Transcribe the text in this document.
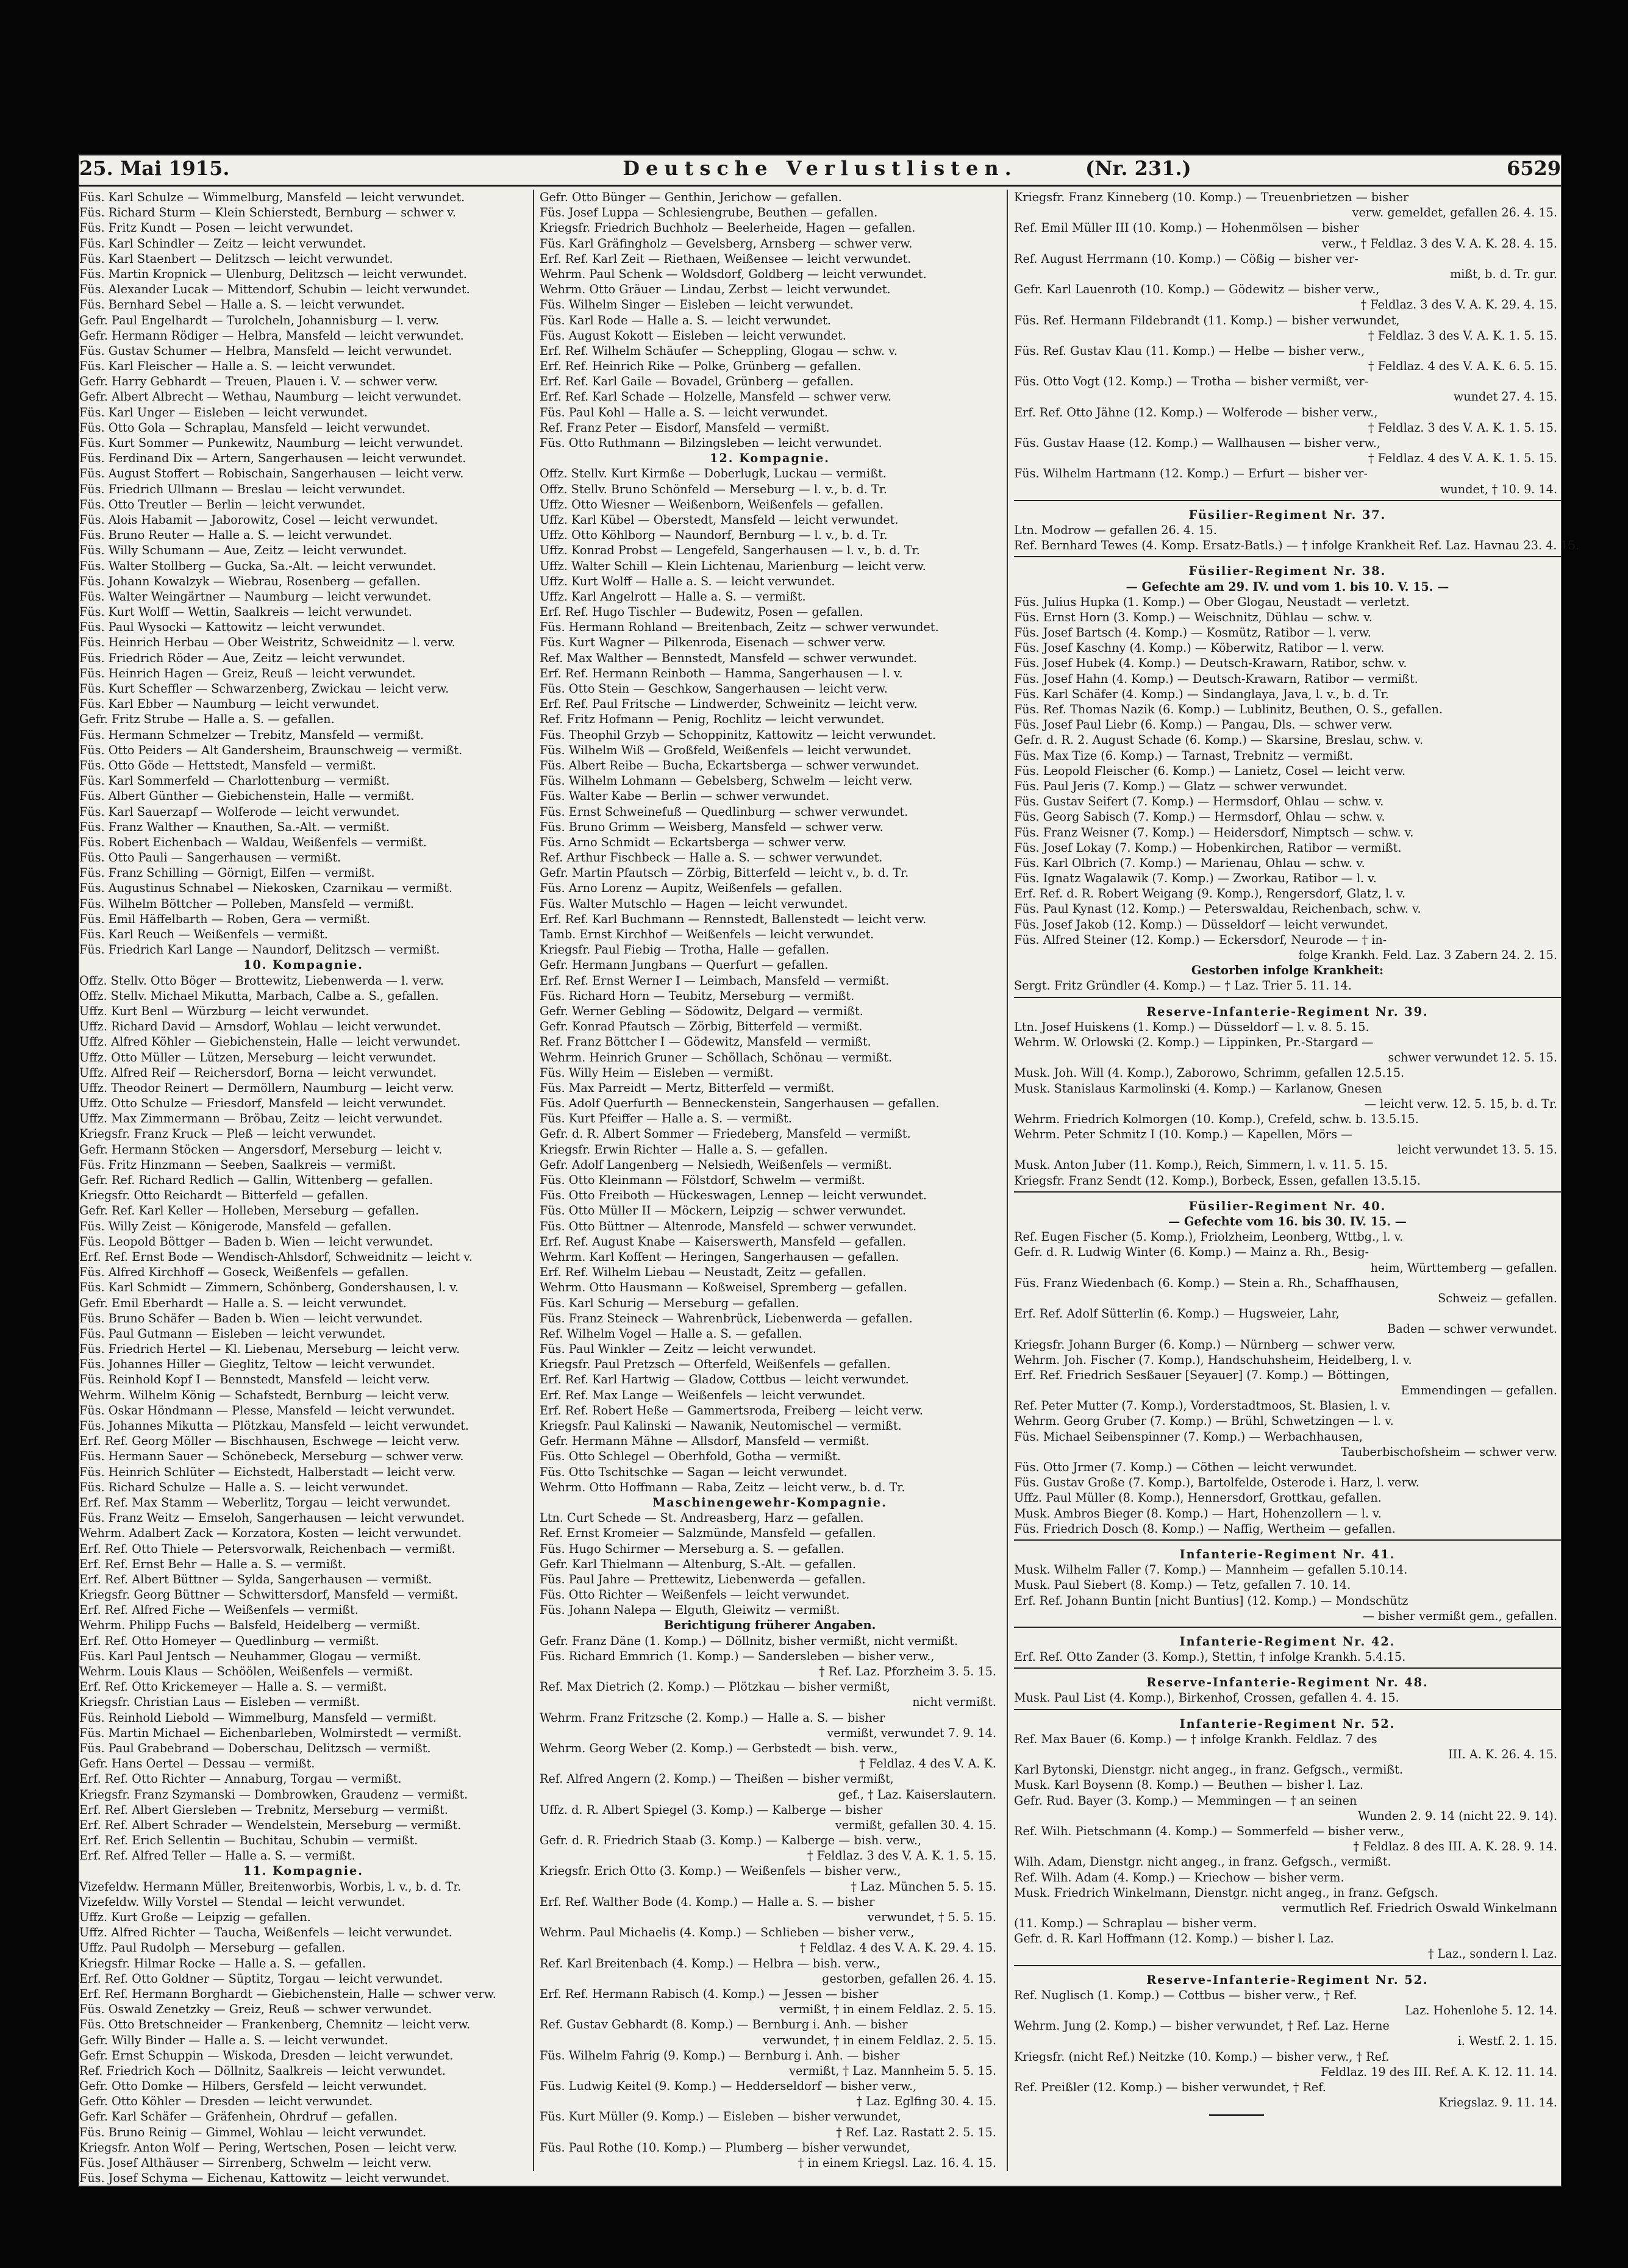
25. Mai 1915.	Deutsche Verlustlisten.	(Nr. 231.)	6529
Füs. Karl Schulze — Wimmelburg, Mansfeld — leicht verwundet.
Füs. Richard Sturm — Klein Schierstedt, Bernburg — schwer v.
Füs. Fritz Kundt — Posen — leicht verwundet.
Füs. Karl Schindler — Zeitz — leicht verwundet.
Füs. Karl Staenbert — Delitzsch — leicht verwundet.
Füs. Martin Kropnick — Ulenburg, Delitzsch — leicht verwundet.
Füs. Alexander Lucak — Mittendorf, Schubin — leicht verwundet.
Füs. Bernhard Sebel — Halle a. S. — leicht verwundet.
Gefr. Paul Engelhardt — Turolcheln, Johannisburg — l. verw.
Gefr. Hermann Rödiger — Helbra, Mansfeld — leicht verwundet.
Füs. Gustav Schumer — Helbra, Mansfeld — leicht verwundet.
Füs. Karl Fleischer — Halle a. S. — leicht verwundet.
Gefr. Harry Gebhardt — Treuen, Plauen i. V. — schwer verw.
Gefr. Albert Albrecht — Wethau, Naumburg — leicht verwundet.
Füs. Karl Unger — Eisleben — leicht verwundet.
Füs. Otto Gola — Schraplau, Mansfeld — leicht verwundet.
Füs. Kurt Sommer — Punkewitz, Naumburg — leicht verwundet.
Füs. Ferdinand Dix — Artern, Sangerhausen — leicht verwundet.
Füs. August Stoffert — Robischain, Sangerhausen — leicht verw.
Füs. Friedrich Ullmann — Breslau — leicht verwundet.
Füs. Otto Treutler — Berlin — leicht verwundet.
Füs. Alois Habamit — Jaborowitz, Cosel — leicht verwundet.
Füs. Bruno Reuter — Halle a. S. — leicht verwundet.
Füs. Willy Schumann — Aue, Zeitz — leicht verwundet.
Füs. Walter Stollberg — Gucka, Sa.-Alt. — leicht verwundet.
Füs. Johann Kowalzyk — Wiebrau, Rosenberg — gefallen.
Füs. Walter Weingärtner — Naumburg — leicht verwundet.
Füs. Kurt Wolff — Wettin, Saalkreis — leicht verwundet.
Füs. Paul Wysocki — Kattowitz — leicht verwundet.
Füs. Heinrich Herbau — Ober Weistritz, Schweidnitz — l. verw.
Füs. Friedrich Röder — Aue, Zeitz — leicht verwundet.
Füs. Heinrich Hagen — Greiz, Reuß — leicht verwundet.
Füs. Kurt Scheffler — Schwarzenberg, Zwickau — leicht verw.
Füs. Karl Ebber — Naumburg — leicht verwundet.
Gefr. Fritz Strube — Halle a. S. — gefallen.
Füs. Hermann Schmelzer — Trebitz, Mansfeld — vermißt.
Füs. Otto Peiders — Alt Gandersheim, Braunschweig — vermißt.
Füs. Otto Göde — Hettstedt, Mansfeld — vermißt.
Füs. Karl Sommerfeld — Charlottenburg — vermißt.
Füs. Albert Günther — Giebichenstein, Halle — vermißt.
Füs. Karl Sauerzapf — Wolferode — leicht verwundet.
Füs. Franz Walther — Knauthen, Sa.-Alt. — vermißt.
Füs. Robert Eichenbach — Waldau, Weißenfels — vermißt.
Füs. Otto Pauli — Sangerhausen — vermißt.
Füs. Franz Schilling — Görnigt, Eilfen — vermißt.
Füs. Augustinus Schnabel — Niekosken, Czarnikau — vermißt.
Füs. Wilhelm Böttcher — Polleben, Mansfeld — vermißt.
Füs. Emil Häffelbarth — Roben, Gera — vermißt.
Füs. Karl Reuch — Weißenfels — vermißt.
Füs. Friedrich Karl Lange — Naundorf, Delitzsch — vermißt.
10. Kompagnie.
Offz. Stellv. Otto Böger — Brottewitz, Liebenwerda — l. verw.
Offz. Stellv. Michael Mikutta, Marbach, Calbe a. S., gefallen.
Uffz. Kurt Benl — Würzburg — leicht verwundet.
Uffz. Richard David — Arnsdorf, Wohlau — leicht verwundet.
Uffz. Alfred Köhler — Giebichenstein, Halle — leicht verwundet.
Uffz. Otto Müller — Lützen, Merseburg — leicht verwundet.
Uffz. Alfred Reif — Reichersdorf, Borna — leicht verwundet.
Uffz. Theodor Reinert — Dermöllern, Naumburg — leicht verw.
Uffz. Otto Schulze — Friesdorf, Mansfeld — leicht verwundet.
Uffz. Max Zimmermann — Bröbau, Zeitz — leicht verwundet.
Kriegsfr. Franz Kruck — Pleß — leicht verwundet.
Gefr. Hermann Stöcken — Angersdorf, Merseburg — leicht v.
Füs. Fritz Hinzmann — Seeben, Saalkreis — vermißt.
Gefr. Ref. Richard Redlich — Gallin, Wittenberg — gefallen.
Kriegsfr. Otto Reichardt — Bitterfeld — gefallen.
Gefr. Ref. Karl Keller — Holleben, Merseburg — gefallen.
Füs. Willy Zeist — Königerode, Mansfeld — gefallen.
Füs. Leopold Böttger — Baden b. Wien — leicht verwundet.
Erf. Ref. Ernst Bode — Wendisch-Ahlsdorf, Schweidnitz — leicht v.
Füs. Alfred Kirchhoff — Goseck, Weißenfels — gefallen.
Füs. Karl Schmidt — Zimmern, Schönberg, Gondershausen, l. v.
Gefr. Emil Eberhardt — Halle a. S. — leicht verwundet.
Füs. Bruno Schäfer — Baden b. Wien — leicht verwundet.
Füs. Paul Gutmann — Eisleben — leicht verwundet.
Füs. Friedrich Hertel — Kl. Liebenau, Merseburg — leicht verw.
Füs. Johannes Hiller — Gieglitz, Teltow — leicht verwundet.
Füs. Reinhold Kopf I — Bennstedt, Mansfeld — leicht verw.
Wehrm. Wilhelm König — Schafstedt, Bernburg — leicht verw.
Füs. Oskar Höndmann — Plesse, Mansfeld — leicht verwundet.
Füs. Johannes Mikutta — Plötzkau, Mansfeld — leicht verwundet.
Erf. Ref. Georg Möller — Bischhausen, Eschwege — leicht verw.
Füs. Hermann Sauer — Schönebeck, Merseburg — schwer verw.
Füs. Heinrich Schlüter — Eichstedt, Halberstadt — leicht verw.
Füs. Richard Schulze — Halle a. S. — leicht verwundet.
Erf. Ref. Max Stamm — Weberlitz, Torgau — leicht verwundet.
Füs. Franz Weitz — Emseloh, Sangerhausen — leicht verwundet.
Wehrm. Adalbert Zack — Korzatora, Kosten — leicht verwundet.
Erf. Ref. Otto Thiele — Petersvorwalk, Reichenbach — vermißt.
Erf. Ref. Ernst Behr — Halle a. S. — vermißt.
Erf. Ref. Albert Büttner — Sylda, Sangerhausen — vermißt.
Kriegsfr. Georg Büttner — Schwittersdorf, Mansfeld — vermißt.
Erf. Ref. Alfred Fiche — Weißenfels — vermißt.
Wehrm. Philipp Fuchs — Balsfeld, Heidelberg — vermißt.
Erf. Ref. Otto Homeyer — Quedlinburg — vermißt.
Füs. Karl Paul Jentsch — Neuhammer, Glogau — vermißt.
Wehrm. Louis Klaus — Schöölen, Weißenfels — vermißt.
Erf. Ref. Otto Krickemeyer — Halle a. S. — vermißt.
Kriegsfr. Christian Laus — Eisleben — vermißt.
Füs. Reinhold Liebold — Wimmelburg, Mansfeld — vermißt.
Füs. Martin Michael — Eichenbarleben, Wolmirstedt — vermißt.
Füs. Paul Grabebrand — Doberschau, Delitzsch — vermißt.
Gefr. Hans Oertel — Dessau — vermißt.
Erf. Ref. Otto Richter — Annaburg, Torgau — vermißt.
Kriegsfr. Franz Szymanski — Dombrowken, Graudenz — vermißt.
Erf. Ref. Albert Giersleben — Trebnitz, Merseburg — vermißt.
Erf. Ref. Albert Schrader — Wendelstein, Merseburg — vermißt.
Erf. Ref. Erich Sellentin — Buchitau, Schubin — vermißt.
Erf. Ref. Alfred Teller — Halle a. S. — vermißt.
11. Kompagnie.
Vizefeldw. Hermann Müller, Breitenworbis, Worbis, l. v., b. d. Tr.
Vizefeldw. Willy Vorstel — Stendal — leicht verwundet.
Uffz. Kurt Große — Leipzig — gefallen.
Uffz. Alfred Richter — Taucha, Weißenfels — leicht verwundet.
Uffz. Paul Rudolph — Merseburg — gefallen.
Kriegsfr. Hilmar Rocke — Halle a. S. — gefallen.
Erf. Ref. Otto Goldner — Süptitz, Torgau — leicht verwundet.
Erf. Ref. Hermann Borghardt — Giebichenstein, Halle — schwer verw.
Füs. Oswald Zenetzky — Greiz, Reuß — schwer verwundet.
Füs. Otto Bretschneider — Frankenberg, Chemnitz — leicht verw.
Gefr. Willy Binder — Halle a. S. — leicht verwundet.
Gefr. Ernst Schuppin — Wiskoda, Dresden — leicht verwundet.
Ref. Friedrich Koch — Döllnitz, Saalkreis — leicht verwundet.
Gefr. Otto Domke — Hilbers, Gersfeld — leicht verwundet.
Gefr. Otto Köhler — Dresden — leicht verwundet.
Gefr. Karl Schäfer — Gräfenhein, Ohrdruf — gefallen.
Füs. Bruno Reinig — Gimmel, Wohlau — leicht verwundet.
Kriegsfr. Anton Wolf — Pering, Wertschen, Posen — leicht verw.
Füs. Josef Althäuser — Sirrenberg, Schwelm — leicht verw.
Füs. Josef Schyma — Eichenau, Kattowitz — leicht verwundet.
Gefr. Otto Bünger — Genthin, Jerichow — gefallen.
Füs. Josef Luppa — Schlesiengrube, Beuthen — gefallen.
Kriegsfr. Friedrich Buchholz — Beelerheide, Hagen — gefallen.
Füs. Karl Gräfingholz — Gevelsberg, Arnsberg — schwer verw.
Erf. Ref. Karl Zeit — Riethaen, Weißensee — leicht verwundet.
Wehrm. Paul Schenk — Woldsdorf, Goldberg — leicht verwundet.
Wehrm. Otto Gräuer — Lindau, Zerbst — leicht verwundet.
Füs. Wilhelm Singer — Eisleben — leicht verwundet.
Füs. Karl Rode — Halle a. S. — leicht verwundet.
Füs. August Kokott — Eisleben — leicht verwundet.
Erf. Ref. Wilhelm Schäufer — Scheppling, Glogau — schw. v.
Erf. Ref. Heinrich Rike — Polke, Grünberg — gefallen.
Erf. Ref. Karl Gaile — Bovadel, Grünberg — gefallen.
Erf. Ref. Karl Schade — Holzelle, Mansfeld — schwer verw.
Füs. Paul Kohl — Halle a. S. — leicht verwundet.
Ref. Franz Peter — Eisdorf, Mansfeld — vermißt.
Füs. Otto Ruthmann — Bilzingsleben — leicht verwundet.
12. Kompagnie.
Offz. Stellv. Kurt Kirmße — Doberlugk, Luckau — vermißt.
Offz. Stellv. Bruno Schönfeld — Merseburg — l. v., b. d. Tr.
Uffz. Otto Wiesner — Weißenborn, Weißenfels — gefallen.
Uffz. Karl Kübel — Oberstedt, Mansfeld — leicht verwundet.
Uffz. Otto Köhlborg — Naundorf, Bernburg — l. v., b. d. Tr.
Uffz. Konrad Probst — Lengefeld, Sangerhausen — l. v., b. d. Tr.
Uffz. Walter Schill — Klein Lichtenau, Marienburg — leicht verw.
Uffz. Kurt Wolff — Halle a. S. — leicht verwundet.
Uffz. Karl Angelrott — Halle a. S. — vermißt.
Erf. Ref. Hugo Tischler — Budewitz, Posen — gefallen.
Füs. Hermann Rohland — Breitenbach, Zeitz — schwer verwundet.
Füs. Kurt Wagner — Pilkenroda, Eisenach — schwer verw.
Ref. Max Walther — Bennstedt, Mansfeld — schwer verwundet.
Erf. Ref. Hermann Reinboth — Hamma, Sangerhausen — l. v.
Füs. Otto Stein — Geschkow, Sangerhausen — leicht verw.
Erf. Ref. Paul Fritsche — Lindwerder, Schweinitz — leicht verw.
Ref. Fritz Hofmann — Penig, Rochlitz — leicht verwundet.
Füs. Theophil Grzyb — Schoppinitz, Kattowitz — leicht verwundet.
Füs. Wilhelm Wiß — Großfeld, Weißenfels — leicht verwundet.
Füs. Albert Reibe — Bucha, Eckartsberga — schwer verwundet.
Füs. Wilhelm Lohmann — Gebelsberg, Schwelm — leicht verw.
Füs. Walter Kabe — Berlin — schwer verwundet.
Füs. Ernst Schweinefuß — Quedlinburg — schwer verwundet.
Füs. Bruno Grimm — Weisberg, Mansfeld — schwer verw.
Füs. Arno Schmidt — Eckartsberga — schwer verw.
Ref. Arthur Fischbeck — Halle a. S. — schwer verwundet.
Gefr. Martin Pfautsch — Zörbig, Bitterfeld — leicht v., b. d. Tr.
Füs. Arno Lorenz — Aupitz, Weißenfels — gefallen.
Füs. Walter Mutschlo — Hagen — leicht verwundet.
Erf. Ref. Karl Buchmann — Rennstedt, Ballenstedt — leicht verw.
Tamb. Ernst Kirchhof — Weißenfels — leicht verwundet.
Kriegsfr. Paul Fiebig — Trotha, Halle — gefallen.
Gefr. Hermann Jungbans — Querfurt — gefallen.
Erf. Ref. Ernst Werner I — Leimbach, Mansfeld — vermißt.
Füs. Richard Horn — Teubitz, Merseburg — vermißt.
Gefr. Werner Gebling — Södowitz, Delgard — vermißt.
Gefr. Konrad Pfautsch — Zörbig, Bitterfeld — vermißt.
Ref. Franz Böttcher I — Gödewitz, Mansfeld — vermißt.
Wehrm. Heinrich Gruner — Schöllach, Schönau — vermißt.
Füs. Willy Heim — Eisleben — vermißt.
Füs. Max Parreidt — Mertz, Bitterfeld — vermißt.
Füs. Adolf Querfurth — Benneckenstein, Sangerhausen — gefallen.
Füs. Kurt Pfeiffer — Halle a. S. — vermißt.
Gefr. d. R. Albert Sommer — Friedeberg, Mansfeld — vermißt.
Kriegsfr. Erwin Richter — Halle a. S. — gefallen.
Gefr. Adolf Langenberg — Nelsiedh, Weißenfels — vermißt.
Füs. Otto Kleinmann — Fölstdorf, Schwelm — vermißt.
Füs. Otto Freiboth — Hückeswagen, Lennep — leicht verwundet.
Füs. Otto Müller II — Möckern, Leipzig — schwer verwundet.
Füs. Otto Büttner — Altenrode, Mansfeld — schwer verwundet.
Erf. Ref. August Knabe — Kaiserswerth, Mansfeld — gefallen.
Wehrm. Karl Koffent — Heringen, Sangerhausen — gefallen.
Erf. Ref. Wilhelm Liebau — Neustadt, Zeitz — gefallen.
Wehrm. Otto Hausmann — Koßweisel, Spremberg — gefallen.
Füs. Karl Schurig — Merseburg — gefallen.
Füs. Franz Steineck — Wahrenbrück, Liebenwerda — gefallen.
Ref. Wilhelm Vogel — Halle a. S. — gefallen.
Füs. Paul Winkler — Zeitz — leicht verwundet.
Kriegsfr. Paul Pretzsch — Ofterfeld, Weißenfels — gefallen.
Erf. Ref. Karl Hartwig — Gladow, Cottbus — leicht verwundet.
Erf. Ref. Max Lange — Weißenfels — leicht verwundet.
Erf. Ref. Robert Heße — Gammertsroda, Freiberg — leicht verw.
Kriegsfr. Paul Kalinski — Nawanik, Neutomischel — vermißt.
Gefr. Hermann Mähne — Allsdorf, Mansfeld — vermißt.
Füs. Otto Schlegel — Oberhfold, Gotha — vermißt.
Füs. Otto Tschitschke — Sagan — leicht verwundet.
Wehrm. Otto Hoffmann — Raba, Zeitz — leicht verw., b. d. Tr.
Maschinengewehr-Kompagnie.
Ltn. Curt Schede — St. Andreasberg, Harz — gefallen.
Ref. Ernst Kromeier — Salzmünde, Mansfeld — gefallen.
Füs. Hugo Schirmer — Merseburg a. S. — gefallen.
Gefr. Karl Thielmann — Altenburg, S.-Alt. — gefallen.
Füs. Paul Jahre — Prettewitz, Liebenwerda — gefallen.
Füs. Otto Richter — Weißenfels — leicht verwundet.
Füs. Johann Nalepa — Elguth, Gleiwitz — vermißt.
Berichtigung früherer Angaben.
Gefr. Franz Däne (1. Komp.) — Döllnitz, bisher vermißt, nicht vermißt.
Füs. Richard Emmrich (1. Komp.) — Sandersleben — bisher verw.,
† Ref. Laz. Pforzheim 3. 5. 15.
Ref. Max Dietrich (2. Komp.) — Plötzkau — bisher vermißt,
nicht vermißt.
Wehrm. Franz Fritzsche (2. Komp.) — Halle a. S. — bisher
vermißt, verwundet 7. 9. 14.
Wehrm. Georg Weber (2. Komp.) — Gerbstedt — bish. verw.,
† Feldlaz. 4 des V. A. K.
Ref. Alfred Angern (2. Komp.) — Theißen — bisher vermißt,
gef., † Laz. Kaiserslautern.
Uffz. d. R. Albert Spiegel (3. Komp.) — Kalberge — bisher
vermißt, gefallen 30. 4. 15.
Gefr. d. R. Friedrich Staab (3. Komp.) — Kalberge — bish. verw.,
† Feldlaz. 3 des V. A. K. 1. 5. 15.
Kriegsfr. Erich Otto (3. Komp.) — Weißenfels — bisher verw.,
† Laz. München 5. 5. 15.
Erf. Ref. Walther Bode (4. Komp.) — Halle a. S. — bisher
verwundet, † 5. 5. 15.
Wehrm. Paul Michaelis (4. Komp.) — Schlieben — bisher verw.,
† Feldlaz. 4 des V. A. K. 29. 4. 15.
Ref. Karl Breitenbach (4. Komp.) — Helbra — bish. verw.,
gestorben, gefallen 26. 4. 15.
Erf. Ref. Hermann Rabisch (4. Komp.) — Jessen — bisher
vermißt, † in einem Feldlaz. 2. 5. 15.
Ref. Gustav Gebhardt (8. Komp.) — Bernburg i. Anh. — bisher
verwundet, † in einem Feldlaz. 2. 5. 15.
Füs. Wilhelm Fahrig (9. Komp.) — Bernburg i. Anh. — bisher
vermißt, † Laz. Mannheim 5. 5. 15.
Füs. Ludwig Keitel (9. Komp.) — Hedderseldorf — bisher verw.,
† Laz. Eglfing 30. 4. 15.
Füs. Kurt Müller (9. Komp.) — Eisleben — bisher verwundet,
† Ref. Laz. Rastatt 2. 5. 15.
Füs. Paul Rothe (10. Komp.) — Plumberg — bisher verwundet,
† in einem Kriegsl. Laz. 16. 4. 15.
Kriegsfr. Franz Kinneberg (10. Komp.) — Treuenbrietzen — bisher
verw. gemeldet, gefallen 26. 4. 15.
Ref. Emil Müller III (10. Komp.) — Hohenmölsen — bisher
verw., † Feldlaz. 3 des V. A. K. 28. 4. 15.
Ref. August Herrmann (10. Komp.) — Cößig — bisher ver-
mißt, b. d. Tr. gur.
Gefr. Karl Lauenroth (10. Komp.) — Gödewitz — bisher verw.,
† Feldlaz. 3 des V. A. K. 29. 4. 15.
Füs. Ref. Hermann Fildebrandt (11. Komp.) — bisher verwundet,
† Feldlaz. 3 des V. A. K. 1. 5. 15.
Füs. Ref. Gustav Klau (11. Komp.) — Helbe — bisher verw.,
† Feldlaz. 4 des V. A. K. 6. 5. 15.
Füs. Otto Vogt (12. Komp.) — Trotha — bisher vermißt, ver-
wundet 27. 4. 15.
Erf. Ref. Otto Jähne (12. Komp.) — Wolferode — bisher verw.,
† Feldlaz. 3 des V. A. K. 1. 5. 15.
Füs. Gustav Haase (12. Komp.) — Wallhausen — bisher verw.,
† Feldlaz. 4 des V. A. K. 1. 5. 15.
Füs. Wilhelm Hartmann (12. Komp.) — Erfurt — bisher ver-
wundet, † 10. 9. 14.
Füsilier-Regiment Nr. 37.
Ltn. Modrow — gefallen 26. 4. 15.
Ref. Bernhard Tewes (4. Komp. Ersatz-Batls.) — † infolge Krankheit Ref. Laz. Havnau 23. 4. 15.
Füsilier-Regiment Nr. 38.
— Gefechte am 29. IV. und vom 1. bis 10. V. 15. —
Füs. Julius Hupka (1. Komp.) — Ober Glogau, Neustadt — verletzt.
Füs. Ernst Horn (3. Komp.) — Weischnitz, Dühlau — schw. v.
Füs. Josef Bartsch (4. Komp.) — Kosmütz, Ratibor — l. verw.
Füs. Josef Kaschny (4. Komp.) — Köberwitz, Ratibor — l. verw.
Füs. Josef Hubek (4. Komp.) — Deutsch-Krawarn, Ratibor, schw. v.
Füs. Josef Hahn (4. Komp.) — Deutsch-Krawarn, Ratibor — vermißt.
Füs. Karl Schäfer (4. Komp.) — Sindanglaya, Java, l. v., b. d. Tr.
Füs. Ref. Thomas Nazik (6. Komp.) — Lublinitz, Beuthen, O. S., gefallen.
Füs. Josef Paul Liebr (6. Komp.) — Pangau, Dls. — schwer verw.
Gefr. d. R. 2. August Schade (6. Komp.) — Skarsine, Breslau, schw. v.
Füs. Max Tize (6. Komp.) — Tarnast, Trebnitz — vermißt.
Füs. Leopold Fleischer (6. Komp.) — Lanietz, Cosel — leicht verw.
Füs. Paul Jeris (7. Komp.) — Glatz — schwer verwundet.
Füs. Gustav Seifert (7. Komp.) — Hermsdorf, Ohlau — schw. v.
Füs. Georg Sabisch (7. Komp.) — Hermsdorf, Ohlau — schw. v.
Füs. Franz Weisner (7. Komp.) — Heidersdorf, Nimptsch — schw. v.
Füs. Josef Lokay (7. Komp.) — Hobenkirchen, Ratibor — vermißt.
Füs. Karl Olbrich (7. Komp.) — Marienau, Ohlau — schw. v.
Füs. Ignatz Wagalawik (7. Komp.) — Zworkau, Ratibor — l. v.
Erf. Ref. d. R. Robert Weigang (9. Komp.), Rengersdorf, Glatz, l. v.
Füs. Paul Kynast (12. Komp.) — Peterswaldau, Reichenbach, schw. v.
Füs. Josef Jakob (12. Komp.) — Düsseldorf — leicht verwundet.
Füs. Alfred Steiner (12. Komp.) — Eckersdorf, Neurode — † in-
folge Krankh. Feld. Laz. 3 Zabern 24. 2. 15.
Gestorben infolge Krankheit:
Sergt. Fritz Gründler (4. Komp.) — † Laz. Trier 5. 11. 14.
Reserve-Infanterie-Regiment Nr. 39.
Ltn. Josef Huiskens (1. Komp.) — Düsseldorf — l. v. 8. 5. 15.
Wehrm. W. Orlowski (2. Komp.) — Lippinken, Pr.-Stargard —
schwer verwundet 12. 5. 15.
Musk. Joh. Will (4. Komp.), Zaborowo, Schrimm, gefallen 12.5.15.
Musk. Stanislaus Karmolinski (4. Komp.) — Karlanow, Gnesen
— leicht verw. 12. 5. 15, b. d. Tr.
Wehrm. Friedrich Kolmorgen (10. Komp.), Crefeld, schw. b. 13.5.15.
Wehrm. Peter Schmitz I (10. Komp.) — Kapellen, Mörs —
leicht verwundet 13. 5. 15.
Musk. Anton Juber (11. Komp.), Reich, Simmern, l. v. 11. 5. 15.
Kriegsfr. Franz Sendt (12. Komp.), Borbeck, Essen, gefallen 13.5.15.
Füsilier-Regiment Nr. 40.
— Gefechte vom 16. bis 30. IV. 15. —
Ref. Eugen Fischer (5. Komp.), Friolzheim, Leonberg, Wttbg., l. v.
Gefr. d. R. Ludwig Winter (6. Komp.) — Mainz a. Rh., Besig-
heim, Württemberg — gefallen.
Füs. Franz Wiedenbach (6. Komp.) — Stein a. Rh., Schaffhausen,
Schweiz — gefallen.
Erf. Ref. Adolf Sütterlin (6. Komp.) — Hugsweier, Lahr,
Baden — schwer verwundet.
Kriegsfr. Johann Burger (6. Komp.) — Nürnberg — schwer verw.
Wehrm. Joh. Fischer (7. Komp.), Handschuhsheim, Heidelberg, l. v.
Erf. Ref. Friedrich Sesßauer [Seyauer] (7. Komp.) — Böttingen,
Emmendingen — gefallen.
Ref. Peter Mutter (7. Komp.), Vorderstadtmoos, St. Blasien, l. v.
Wehrm. Georg Gruber (7. Komp.) — Brühl, Schwetzingen — l. v.
Füs. Michael Seibenspinner (7. Komp.) — Werbachhausen,
Tauberbischofsheim — schwer verw.
Füs. Otto Jrmer (7. Komp.) — Cöthen — leicht verwundet.
Füs. Gustav Große (7. Komp.), Bartolfelde, Osterode i. Harz, l. verw.
Uffz. Paul Müller (8. Komp.), Hennersdorf, Grottkau, gefallen.
Musk. Ambros Bieger (8. Komp.) — Hart, Hohenzollern — l. v.
Füs. Friedrich Dosch (8. Komp.) — Naffig, Wertheim — gefallen.
Infanterie-Regiment Nr. 41.
Musk. Wilhelm Faller (7. Komp.) — Mannheim — gefallen 5.10.14.
Musk. Paul Siebert (8. Komp.) — Tetz, gefallen 7. 10. 14.
Erf. Ref. Johann Buntin [nicht Buntius] (12. Komp.) — Mondschütz
— bisher vermißt gem., gefallen.
Infanterie-Regiment Nr. 42.
Erf. Ref. Otto Zander (3. Komp.), Stettin, † infolge Krankh. 5.4.15.
Reserve-Infanterie-Regiment Nr. 48.
Musk. Paul List (4. Komp.), Birkenhof, Crossen, gefallen 4. 4. 15.
Infanterie-Regiment Nr. 52.
Ref. Max Bauer (6. Komp.) — † infolge Krankh. Feldlaz. 7 des
III. A. K. 26. 4. 15.
Karl Bytonski, Dienstgr. nicht angeg., in franz. Gefgsch., vermißt.
Musk. Karl Boysenn (8. Komp.) — Beuthen — bisher l. Laz.
Gefr. Rud. Bayer (3. Komp.) — Memmingen — † an seinen
Wunden 2. 9. 14 (nicht 22. 9. 14).
Ref. Wilh. Pietschmann (4. Komp.) — Sommerfeld — bisher verw.,
† Feldlaz. 8 des III. A. K. 28. 9. 14.
Wilh. Adam, Dienstgr. nicht angeg., in franz. Gefgsch., vermißt.
Ref. Wilh. Adam (4. Komp.) — Kriechow — bisher verm.
Musk. Friedrich Winkelmann, Dienstgr. nicht angeg., in franz. Gefgsch.
vermutlich Ref. Friedrich Oswald Winkelmann
(11. Komp.) — Schraplau — bisher verm.
Gefr. d. R. Karl Hoffmann (12. Komp.) — bisher l. Laz.
† Laz., sondern l. Laz.
Reserve-Infanterie-Regiment Nr. 52.
Ref. Nuglisch (1. Komp.) — Cottbus — bisher verw., † Ref.
Laz. Hohenlohe 5. 12. 14.
Wehrm. Jung (2. Komp.) — bisher verwundet, † Ref. Laz. Herne
i. Westf. 2. 1. 15.
Kriegsfr. (nicht Ref.) Neitzke (10. Komp.) — bisher verw., † Ref.
Feldlaz. 19 des III. Ref. A. K. 12. 11. 14.
Ref. Preißler (12. Komp.) — bisher verwundet, † Ref.
Kriegslaz. 9. 11. 14.
